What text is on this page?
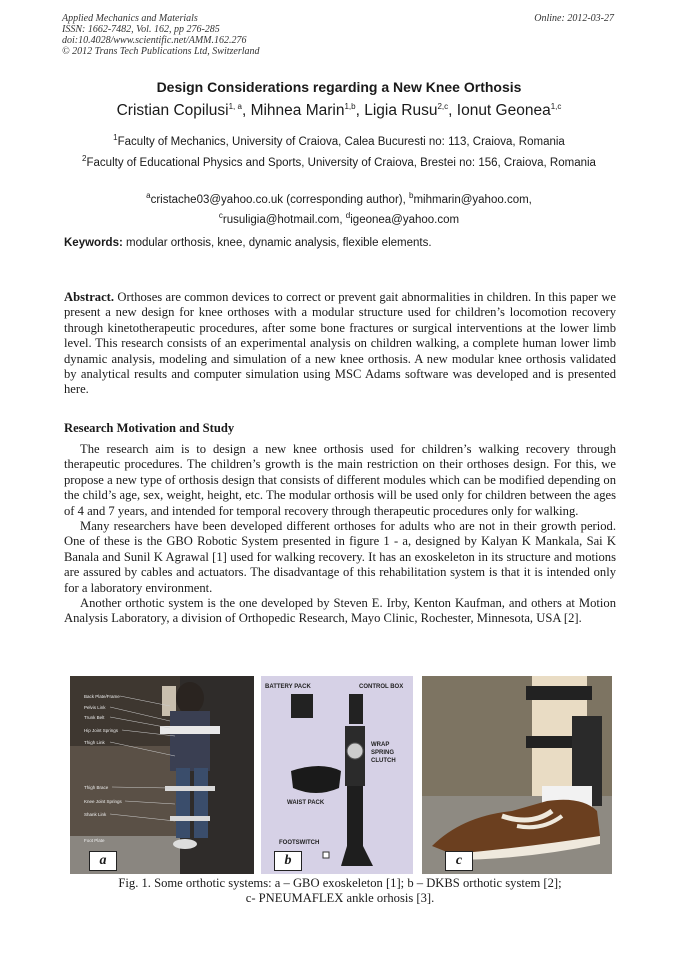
Applied Mechanics and Materials
ISSN: 1662-7482, Vol. 162, pp 276-285
doi:10.4028/www.scientific.net/AMM.162.276
© 2012 Trans Tech Publications Ltd, Switzerland
Online: 2012-03-27
Design Considerations regarding a New Knee Orthosis
Cristian Copilusi$^{1, a}$, Mihnea Marin$^{1,b}$, Ligia Rusu$^{2,c}$, Ionut Geonea$^{1,c}$
$^1$Faculty of Mechanics, University of Craiova, Calea Bucuresti no: 113, Craiova, Romania
$^2$Faculty of Educational Physics and Sports, University of Craiova, Brestei no: 156, Craiova, Romania
$^a$cristache03@yahoo.co.uk (corresponding author), $^b$mihmarin@yahoo.com,
$^c$rusuligia@hotmail.com, $^d$igeonea@yahoo.com
Keywords: modular orthosis, knee, dynamic analysis, flexible elements.

Abstract. Orthoses are common devices to correct or prevent gait abnormalities in children. In this paper we present a new design for knee orthoses with a modular structure used for children’s locomotion recovery through kinetotherapeutic procedures, after some bone fractures or surgical interventions at the lower limb level. This research consists of an experimental analysis on children walking, a complete human lower limb dynamic analysis, modeling and simulation of a new knee orthosis. A new modular knee orthosis validated by analytical results and computer simulation using MSC Adams software was developed and is presented here.

Research Motivation and Study

The research aim is to design a new knee orthosis used for children’s walking recovery through therapeutic procedures. The children’s growth is the main restriction on their orthoses design. For this, we propose a new type of orthosis design that consists of different modules which can be modified depending on the child’s age, sex, weight, height, etc. The modular orthosis will be used only for children between the ages of 4 and 7 years, and intended for temporal recovery through therapeutic procedures only for walking.

Many researchers have been developed different orthoses for adults who are not in their growth period. One of these is the GBO Robotic System presented in figure 1 - a, designed by Kalyan K Mankala, Sai K Banala and Sunil K Agrawal [1] used for walking recovery. It has an exoskeleton in its structure and motions are assured by cables and actuators. The disadvantage of this rehabilitation system is that it is intended only for a laboratory environment.

Another orthotic system is the one developed by Steven E. Irby, Kenton Kaufman, and others at Motion Analysis Laboratory, a division of Orthopedic Research, Mayo Clinic, Rochester, Minnesota, USA [2].

Back Plate/Frame
Pelvis Link
Trunk Belt
Hip Joint Springs
Thigh Link
Thigh Brace
Knee Joint Springs
Shank Link
Foot Plate
a
BATTERY PACK	CONTROL BOX
WRAP
SPRING
CLUTCH
WAIST PACK
FOOTSWITCH
b	c
Fig. 1. Some orthotic systems: a – GBO exoskeleton [1]; b – DKBS orthotic system [2];
c- PNEUMAFLEX ankle orhosis [3].
